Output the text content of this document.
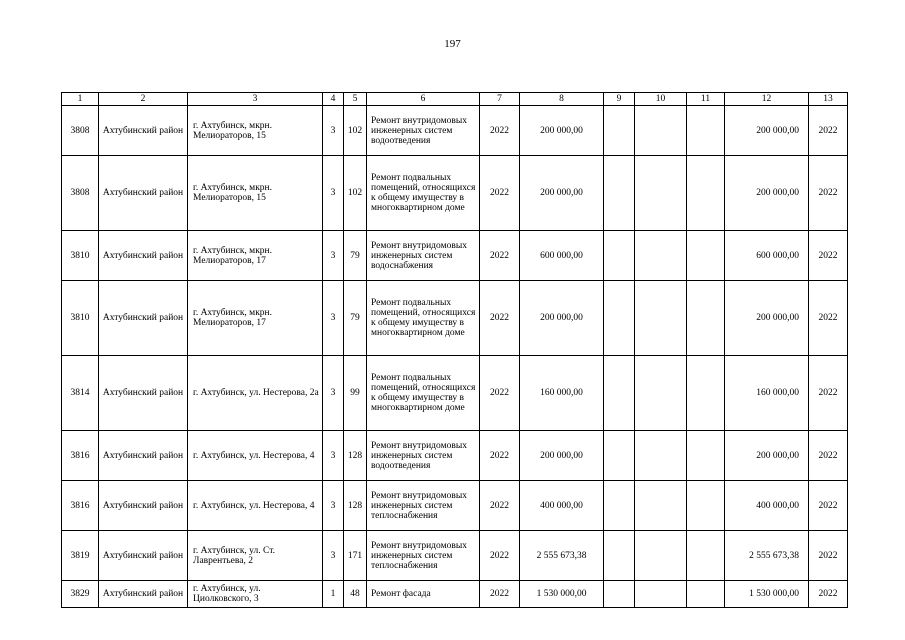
197
1	2	3	4	5	6	7	8	9	10	11	12	13
3808	Ахтубинский район	г. Ахтубинск, мкрн. Мелиораторов, 15	3	102	Ремонт внутридомовых инженерных систем водоотведения	2022	200 000,00				200 000,00	2022
3808	Ахтубинский район	г. Ахтубинск, мкрн. Мелиораторов, 15	3	102	Ремонт подвальных помещений, относящихся к общему имуществу в многоквартирном доме	2022	200 000,00				200 000,00	2022
3810	Ахтубинский район	г. Ахтубинск, мкрн. Мелиораторов, 17	3	79	Ремонт внутридомовых инженерных систем водоснабжения	2022	600 000,00				600 000,00	2022
3810	Ахтубинский район	г. Ахтубинск, мкрн. Мелиораторов, 17	3	79	Ремонт подвальных помещений, относящихся к общему имуществу в многоквартирном доме	2022	200 000,00				200 000,00	2022
3814	Ахтубинский район	г. Ахтубинск, ул. Нестерова, 2а	3	99	Ремонт подвальных помещений, относящихся к общему имуществу в многоквартирном доме	2022	160 000,00				160 000,00	2022
3816	Ахтубинский район	г. Ахтубинск, ул. Нестерова, 4	3	128	Ремонт внутридомовых инженерных систем водоотведения	2022	200 000,00				200 000,00	2022
3816	Ахтубинский район	г. Ахтубинск, ул. Нестерова, 4	3	128	Ремонт внутридомовых инженерных систем теплоснабжения	2022	400 000,00				400 000,00	2022
3819	Ахтубинский район	г. Ахтубинск, ул. Ст. Лаврентьева, 2	3	171	Ремонт внутридомовых инженерных систем теплоснабжения	2022	2 555 673,38				2 555 673,38	2022
3829	Ахтубинский район	г. Ахтубинск, ул. Циолковского, 3	1	48	Ремонт фасада	2022	1 530 000,00				1 530 000,00	2022
